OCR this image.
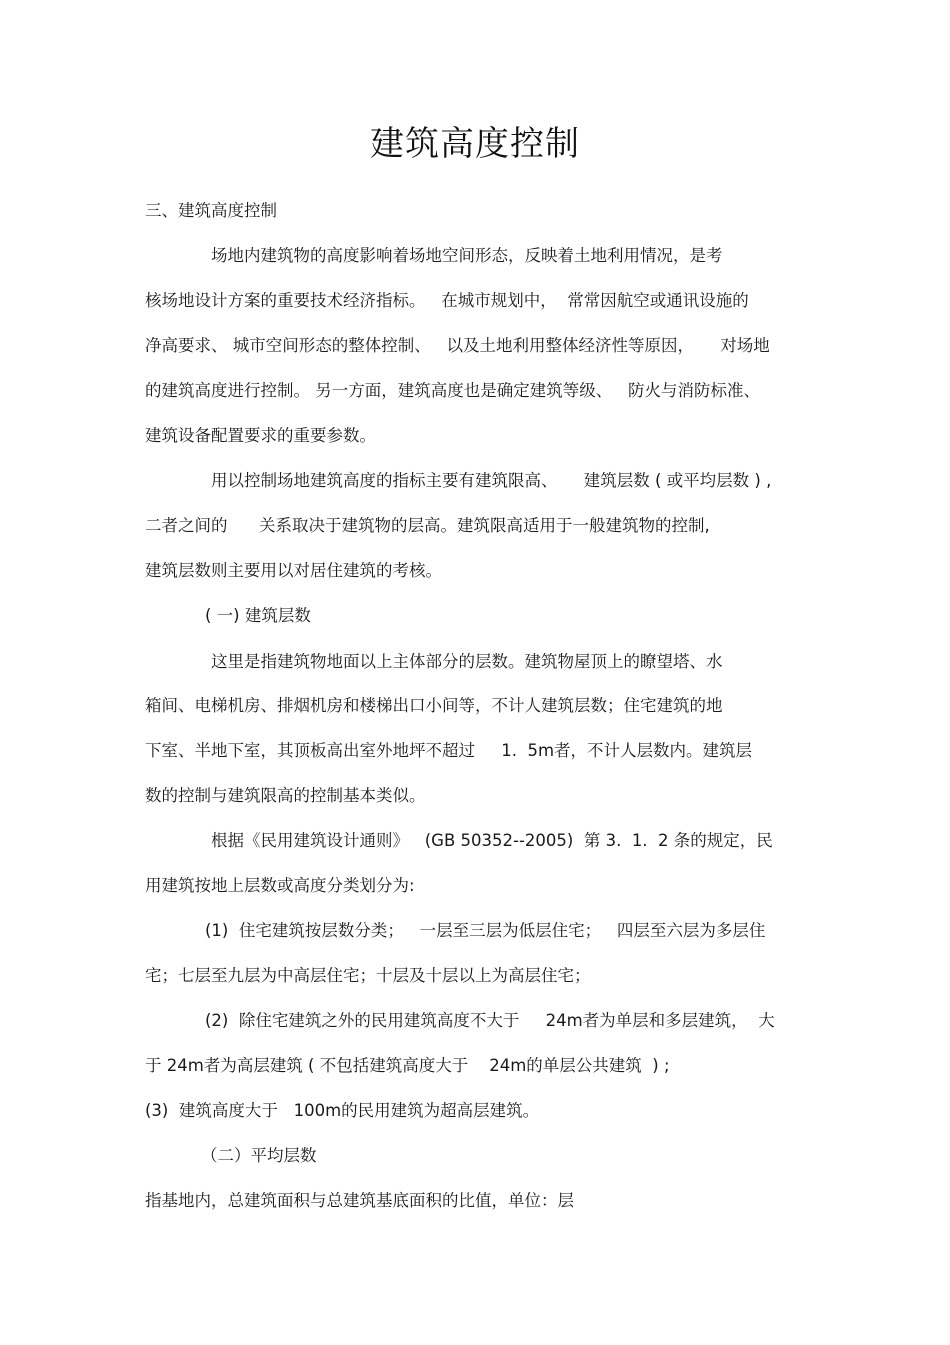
建筑高度控制
三、建筑高度控制
场地内建筑物的高度影响着场地空间形态，反映着土地利用情况，是考
核场地设计方案的重要技术经济指标。   在城市规划中，  常常因航空或通讯设施的
净高要求、 城市空间形态的整体控制、   以及土地利用整体经济性等原因，     对场地
的建筑高度进行控制。 另一方面，建筑高度也是确定建筑等级、   防火与消防标准、
建筑设备配置要求的重要参数。
用以控制场地建筑高度的指标主要有建筑限高、     建筑层数 ( 或平均层数 ) ,
二者之间的      关系取决于建筑物的层高。建筑限高适用于一般建筑物的控制,
建筑层数则主要用以对居住建筑的考核。
( 一) 建筑层数
这里是指建筑物地面以上主体部分的层数。建筑物屋顶上的瞭望塔、水
箱间、电梯机房、排烟机房和楼梯出口小间等，不计人建筑层数；住宅建筑的地
下室、半地下室，其顶板高出室外地坪不超过     1.  5m者，不计人层数内。建筑层
数的控制与建筑限高的控制基本类似。
根据《民用建筑设计通则》   (GB 50352--2005)  第 3.  1.  2 条的规定，民
用建筑按地上层数或高度分类划分为:
(1)  住宅建筑按层数分类；   一层至三层为低层住宅；   四层至六层为多层住
宅；七层至九层为中高层住宅；十层及十层以上为高层住宅；
(2)  除住宅建筑之外的民用建筑高度不大于     24m者为单层和多层建筑，  大
于 24m者为高层建筑 ( 不包括建筑高度大于    24m的单层公共建筑  ) ;
(3)  建筑高度大于   100m的民用建筑为超高层建筑。
（二）平均层数
指基地内，总建筑面积与总建筑基底面积的比值，单位：层
